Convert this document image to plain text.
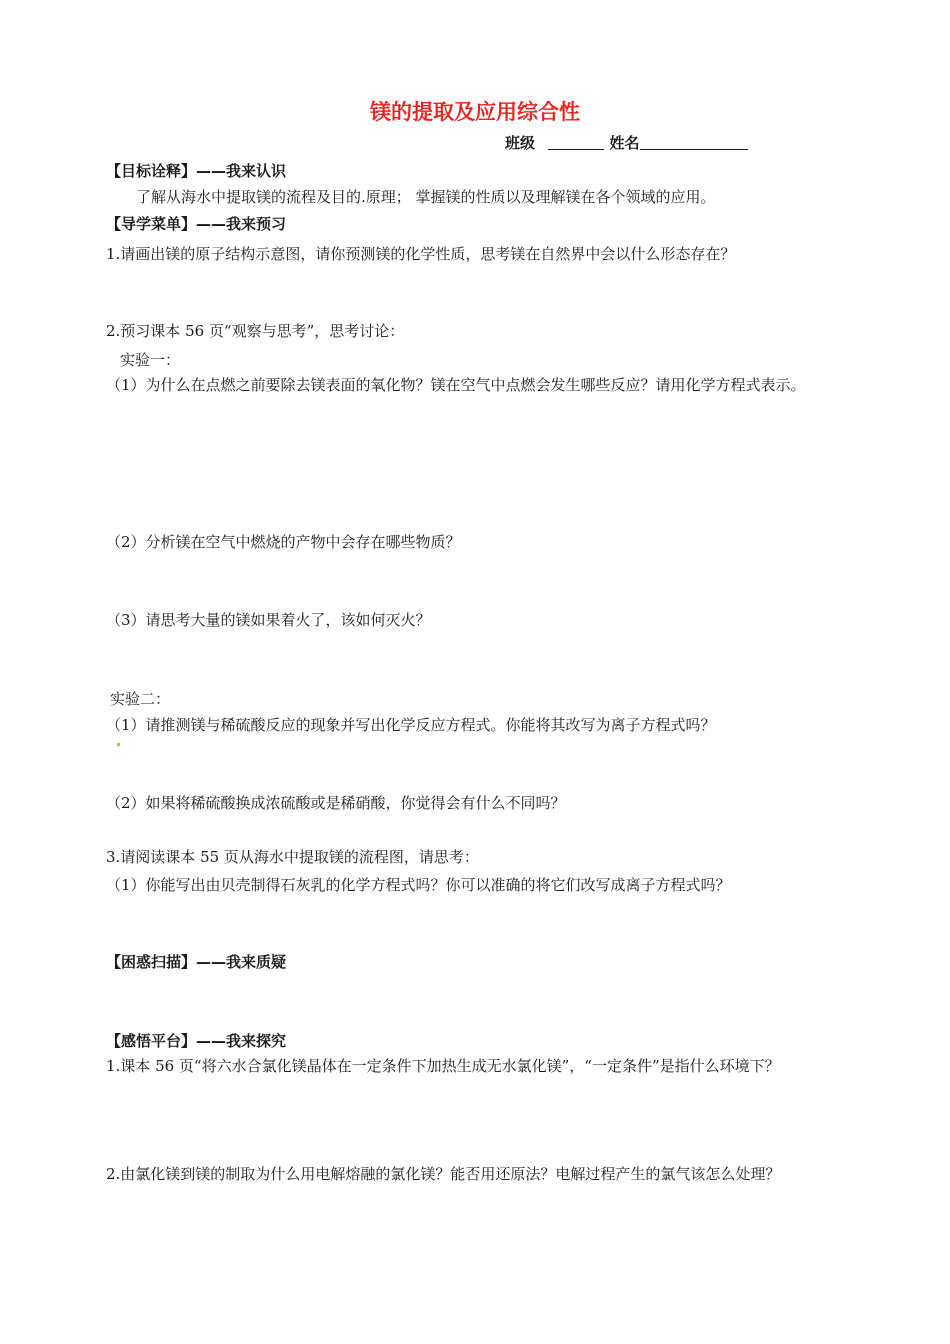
镁的提取及应用综合性
班级	姓名
【目标诠释】——我来认识
了解从海水中提取镁的流程及目的.原理； 掌握镁的性质以及理解镁在各个领域的应用。
【导学菜单】——我来预习
1.请画出镁的原子结构示意图，请你预测镁的化学性质，思考镁在自然界中会以什么形态存在？
2.预习课本 56 页“观察与思考”，思考讨论：
实验一：
（1）为什么在点燃之前要除去镁表面的氧化物？镁在空气中点燃会发生哪些反应？请用化学方程式表示。
（2）分析镁在空气中燃烧的产物中会存在哪些物质？
（3）请思考大量的镁如果着火了，该如何灭火？
实验二：
（1）请推测镁与稀硫酸反应的现象并写出化学反应方程式。你能将其改写为离子方程式吗？
（2）如果将稀硫酸换成浓硫酸或是稀硝酸，你觉得会有什么不同吗？
3.请阅读课本 55 页从海水中提取镁的流程图，请思考：
（1）你能写出由贝壳制得石灰乳的化学方程式吗？你可以准确的将它们改写成离子方程式吗？
【困惑扫描】——我来质疑
【感悟平台】——我来探究
1.课本 56 页“将六水合氯化镁晶体在一定条件下加热生成无水氯化镁”，“一定条件”是指什么环境下？
2.由氯化镁到镁的制取为什么用电解熔融的氯化镁？能否用还原法？电解过程产生的氯气该怎么处理？
